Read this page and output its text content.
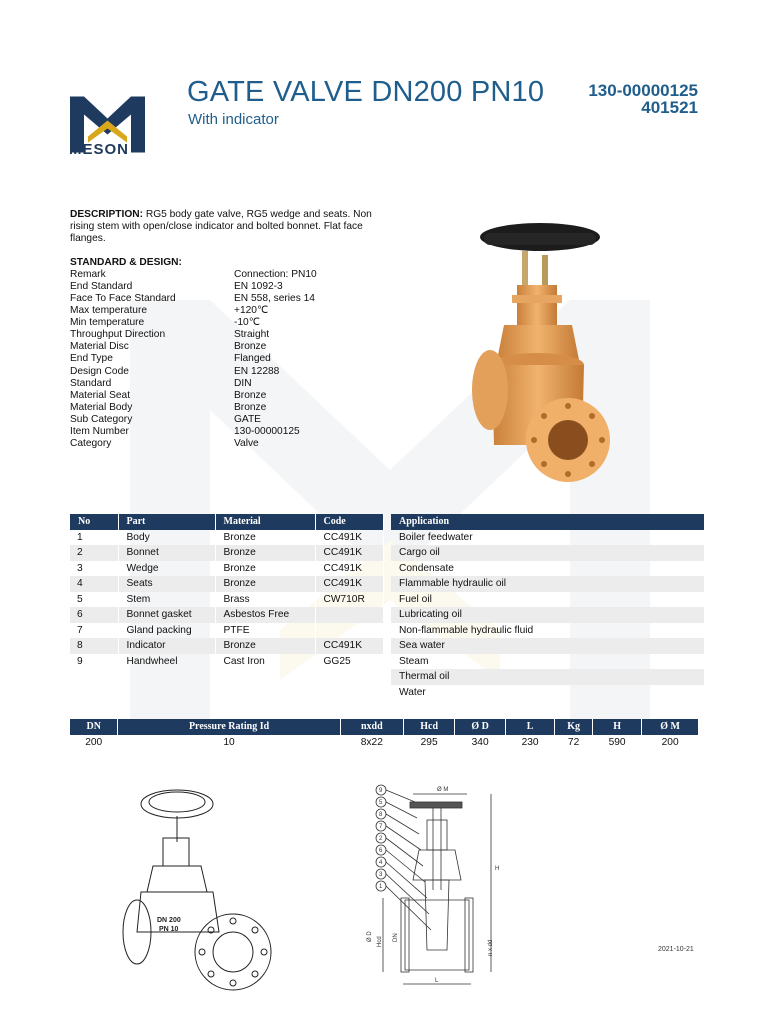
MESON
GATE VALVE DN200 PN10
With indicator
130-00000125
401521
DESCRIPTION: RG5 body gate valve, RG5 wedge and seats. Non rising stem with open/close indicator and bolted bonnet. Flat face flanges.
STANDARD & DESIGN:
Remark	Connection: PN10
End Standard	EN 1092-3
Face To Face Standard	EN 558, series 14
Max temperature	+120℃
Min temperature	-10℃
Throughput Direction	Straight
Material Disc	Bronze
End Type	Flanged
Design Code	EN 12288
Standard	DIN
Material Seat	Bronze
Material Body	Bronze
Sub Category	GATE
Item Number	130-00000125
Category	Valve
No	Part	Material	Code
1	Body	Bronze	CC491K
2	Bonnet	Bronze	CC491K
3	Wedge	Bronze	CC491K
4	Seats	Bronze	CC491K
5	Stem	Brass	CW710R
6	Bonnet gasket	Asbestos Free	
7	Gland packing	PTFE	
8	Indicator	Bronze	CC491K
9	Handwheel	Cast Iron	GG25
Application
Boiler feedwater
Cargo oil
Condensate
Flammable hydraulic oil
Fuel oil
Lubricating oil
Non-flammable hydraulic fluid
Sea water
Steam
Thermal oil
Water
DN	Pressure Rating Id	nxdd	Hcd	Ø D	L	Kg	H	Ø M
200	10	8x22	295	340	230	72	590	200
DN 200
PN 10
9
5
8
7
2
6
4
3
1
Ø M
H
Ø D Hcd DN
n x dd
L
2021-10-21
